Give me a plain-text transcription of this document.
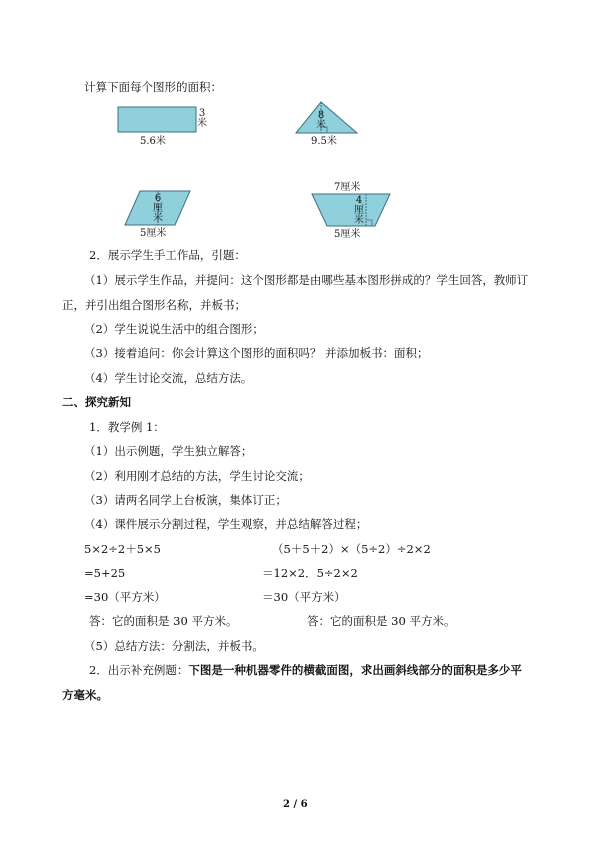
计算下面每个图形的面积：
3
米
5.6米
8
米
9.5米
6
厘
米
5厘米
7厘米
4
厘
米
5厘米
2．展示学生手工作品，引题：
（1）展示学生作品，并提问：这个图形都是由哪些基本图形拼成的？学生回答，教师订
正，并引出组合图形名称，并板书；
（2）学生说说生活中的组合图形；
（3）接着追问：你会计算这个图形的面积吗？ 并添加板书：面积；
（4）学生讨论交流，总结方法。
二、探究新知
1．教学例 1：
（1）出示例题，学生独立解答；
（2）利用刚才总结的方法，学生讨论交流；
（3）请两名同学上台板演，集体订正；
（4）课件展示分割过程，学生观察，并总结解答过程；
5×2÷2＋5×5
=5+25
=30（平方米）
答：它的面积是 30 平方米。
（5＋5＋2）×（5÷2）÷2×2
＝12×2．5÷2×2
＝30（平方米）
答：它的面积是 30 平方米。
（5）总结方法：分割法，并板书。
2．出示补充例题：下图是一种机器零件的横截面图，求出画斜线部分的面积是多少平
方毫米。
2 / 6
